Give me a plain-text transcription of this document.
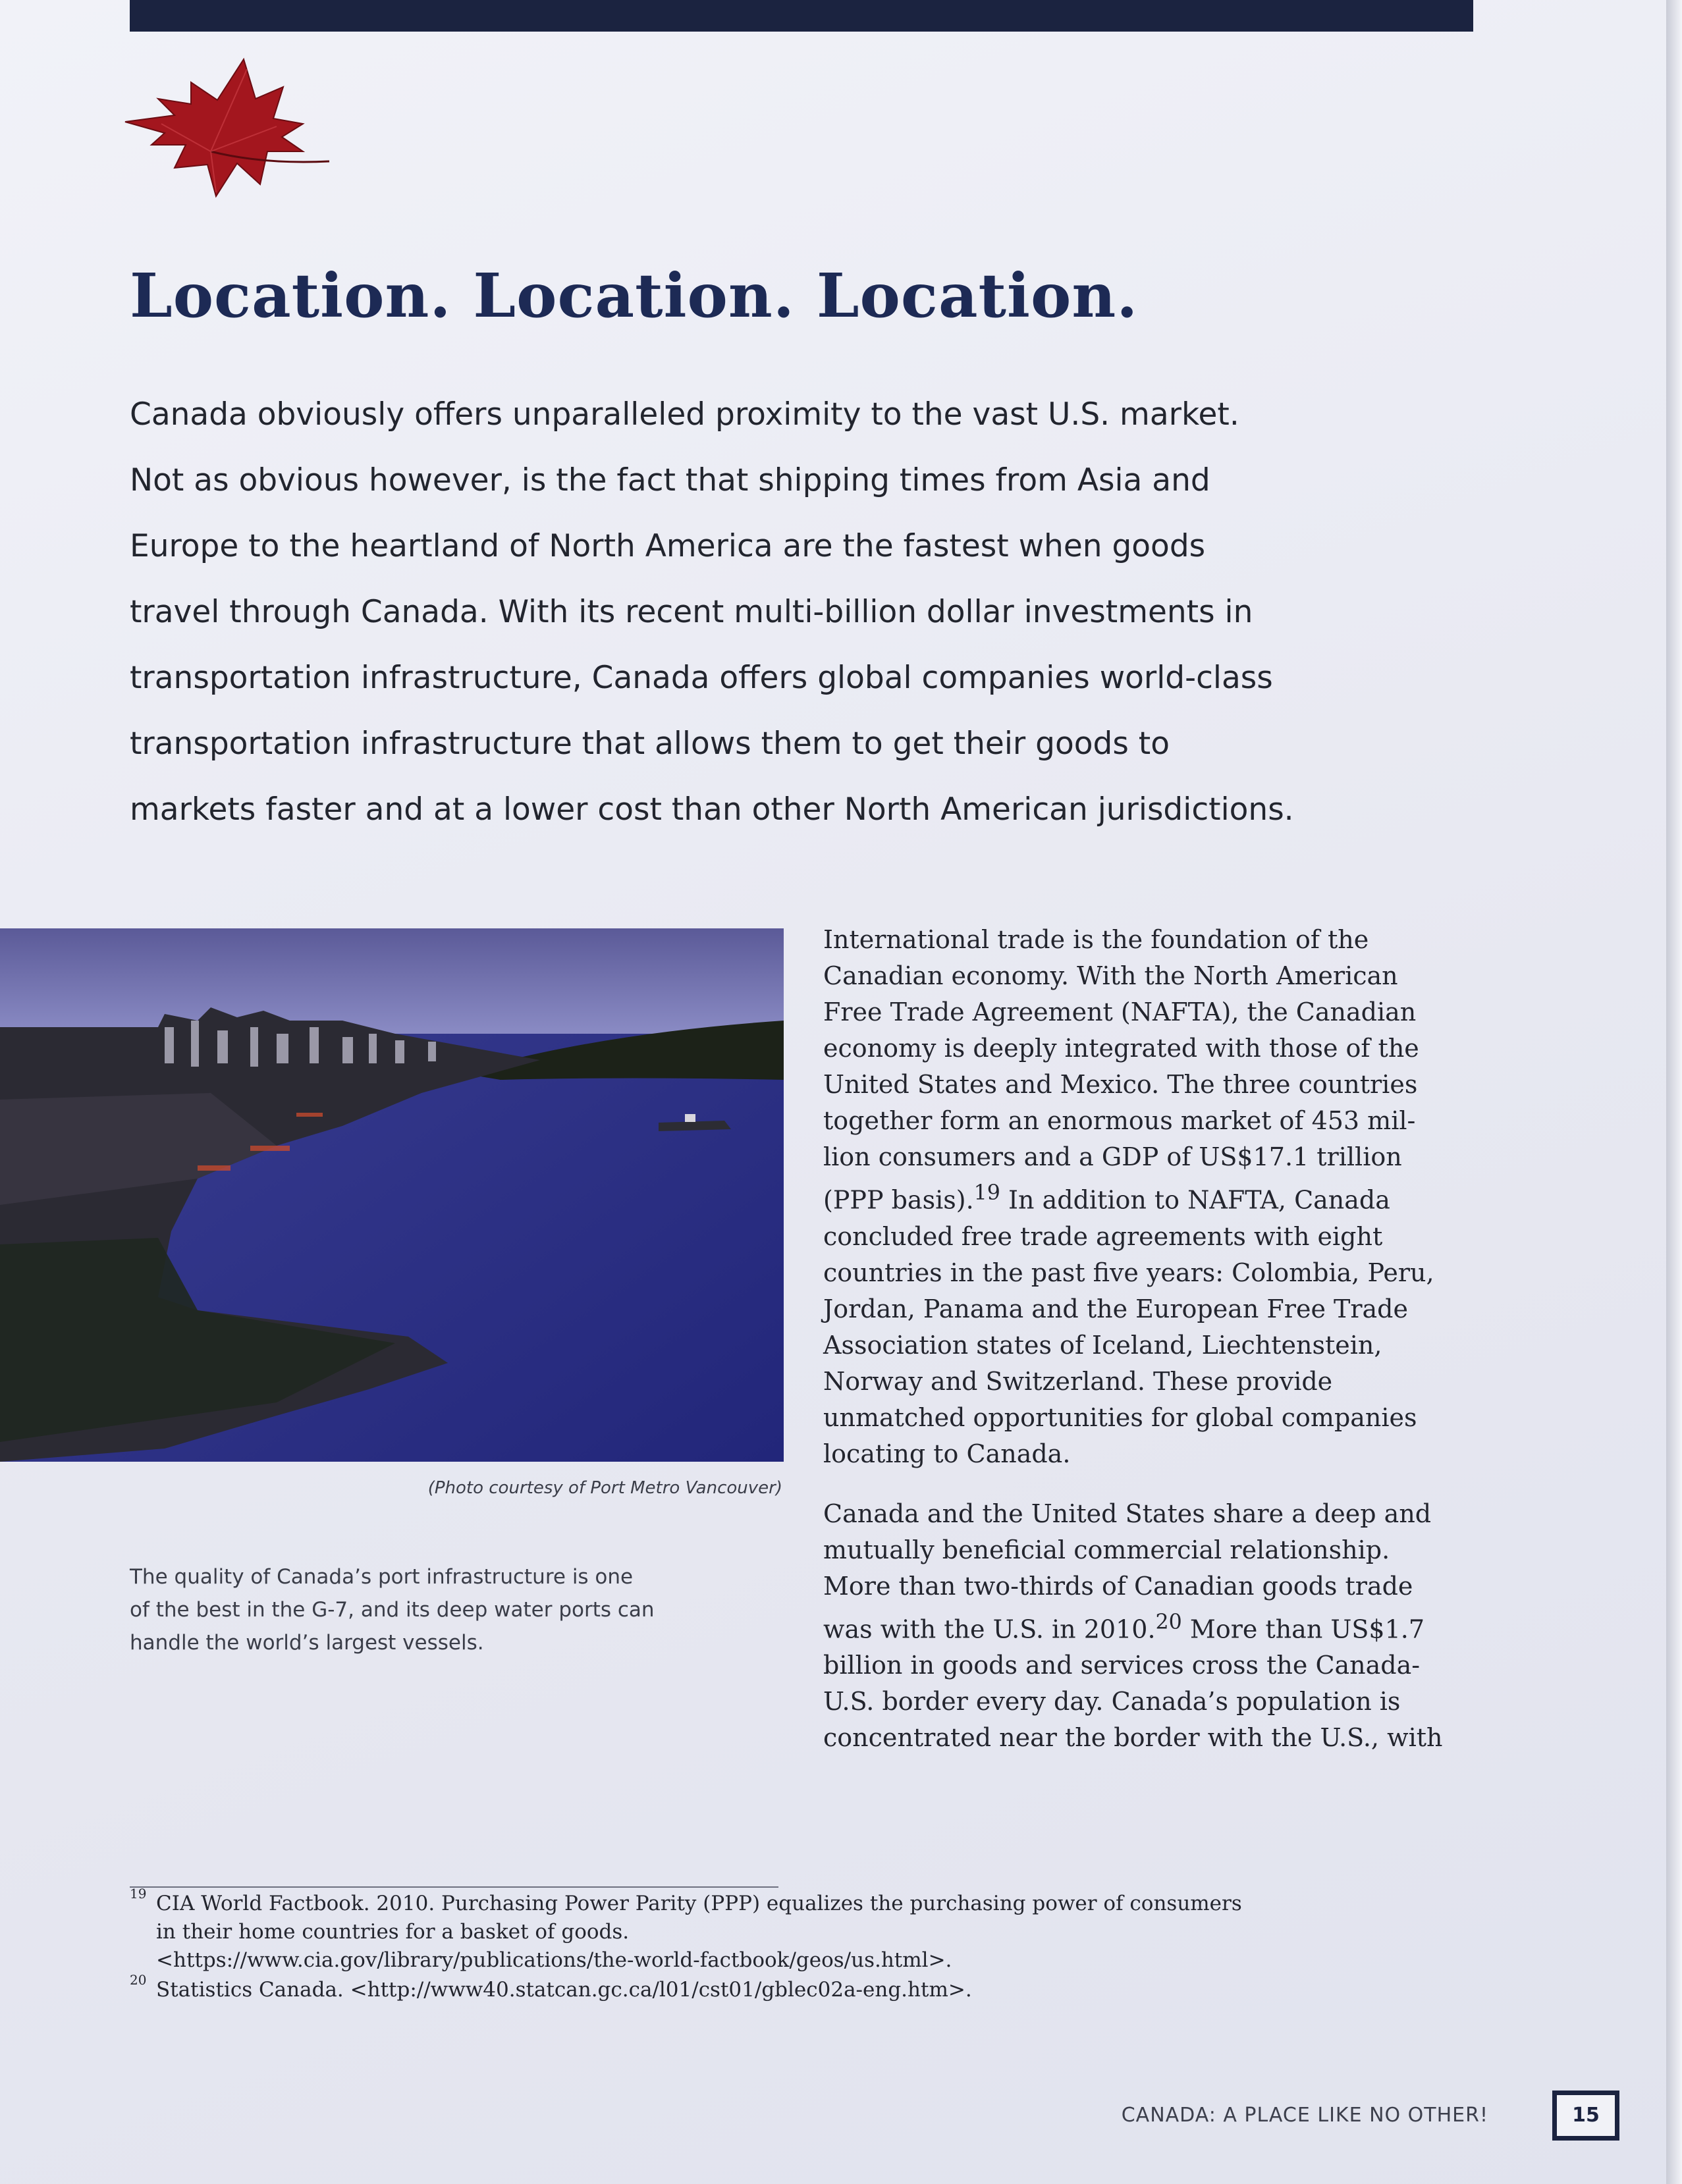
Location. Location. Location.

Canada obviously offers unparalleled proximity to the vast U.S. market.
Not as obvious however, is the fact that shipping times from Asia and
Europe to the heartland of North America are the fastest when goods
travel through Canada. With its recent multi-billion dollar investments in
transportation infrastructure, Canada offers global companies world-class
transportation infrastructure that allows them to get their goods to
markets faster and at a lower cost than other North American jurisdictions.

(Photo courtesy of Port Metro Vancouver)

The quality of Canada’s port infrastructure is one
of the best in the G-7, and its deep water ports can
handle the world’s largest vessels.

International trade is the foundation of the
Canadian economy. With the North American
Free Trade Agreement (NAFTA), the Canadian
economy is deeply integrated with those of the
United States and Mexico. The three countries
together form an enormous market of 453 mil-
lion consumers and a GDP of US$17.1 trillion
(PPP basis).$^{19}$ In addition to NAFTA, Canada
concluded free trade agreements with eight
countries in the past five years: Colombia, Peru,
Jordan, Panama and the European Free Trade
Association states of Iceland, Liechtenstein,
Norway and Switzerland. These provide
unmatched opportunities for global companies
locating to Canada.

Canada and the United States share a deep and
mutually beneficial commercial relationship.
More than two-thirds of Canadian goods trade
was with the U.S. in 2010.20 More than US$1.7
billion in goods and services cross the Canada-
U.S. border every day. Canada’s population is
concentrated near the border with the U.S., with

19 CIA World Factbook. 2010. Purchasing Power Parity (PPP) equalizes the purchasing power of consumers
in their home countries for a basket of goods.
<https://www.cia.gov/library/publications/the-world-factbook/geos/us.html>.
20 Statistics Canada. <http://www40.statcan.gc.ca/l01/cst01/gblec02a-eng.htm>.
CANADA: A PLACE LIKE NO OTHER!	15
